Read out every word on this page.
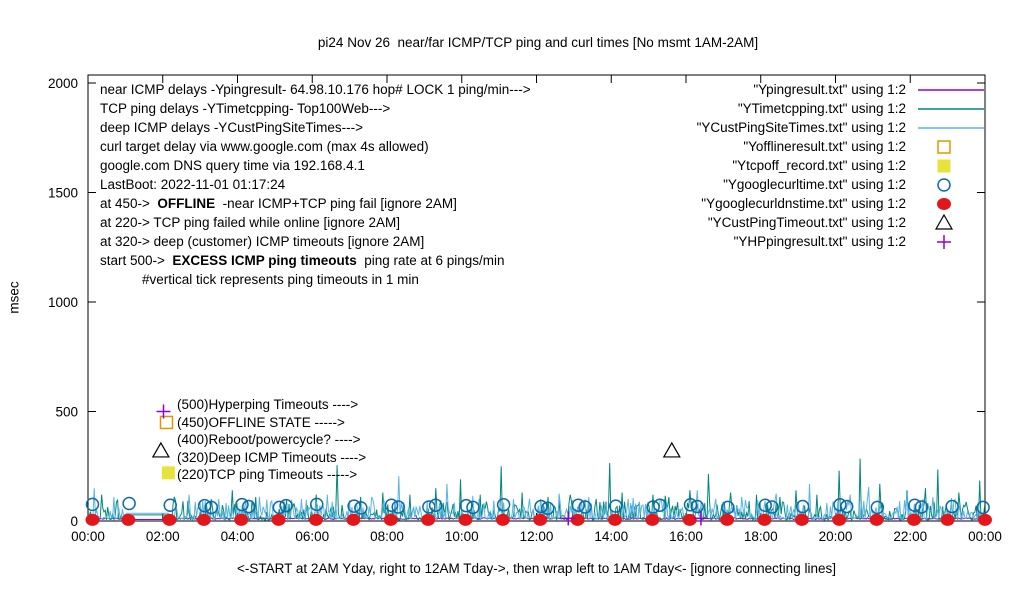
00:00	02:00	04:00	06:00	08:00	10:00	12:00	14:00	16:00	18:00	20:00	22:00	00:00
0
500
1000
1500
2000
pi24 Nov 26  near/far ICMP/TCP ping and curl times [No msmt 1AM-2AM]
msec
<-START at 2AM Yday, right to 12AM Tday->, then wrap left to 1AM Tday<- [ignore connecting lines]
near ICMP delays -Ypingresult- 64.98.10.176 hop# LOCK 1 ping/min--->
TCP ping delays -YTimetcpping- Top100Web--->
deep ICMP delays -YCustPingSiteTimes--->
curl target delay via www.google.com (max 4s allowed)
google.com DNS query time via 192.168.4.1
LastBoot: 2022-11-01 01:17:24
at 450->  OFFLINE  -near ICMP+TCP ping fail [ignore 2AM]
at 220-> TCP ping failed while online [ignore 2AM]
at 320-> deep (customer) ICMP timeouts [ignore 2AM]
start 500->  EXCESS ICMP ping timeouts  ping rate at 6 pings/min
#vertical tick represents ping timeouts in 1 min
(500)Hyperping Timeouts ---->
(450)OFFLINE STATE ----->
(400)Reboot/powercycle? ---->
(320)Deep ICMP Timeouts ---->
(220)TCP ping Timeouts ----->
"Ypingresult.txt" using 1:2
"YTimetcpping.txt" using 1:2
"YCustPingSiteTimes.txt" using 1:2
"Yofflineresult.txt" using 1:2
"Ytcpoff_record.txt" using 1:2
"Ygooglecurltime.txt" using 1:2
"Ygooglecurldnstime.txt" using 1:2
"YCustPingTimeout.txt" using 1:2
"YHPpingresult.txt" using 1:2
